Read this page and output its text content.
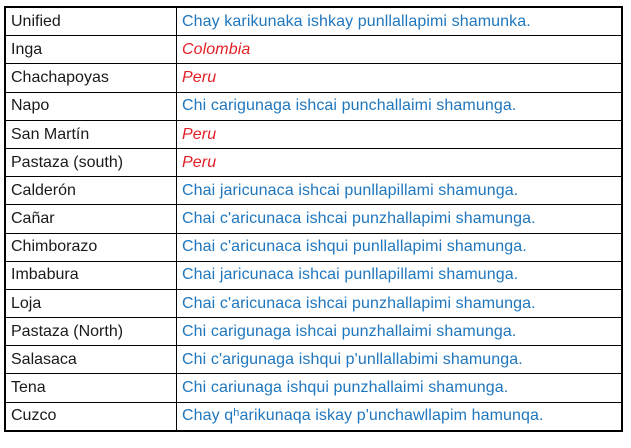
Unified	Chay karikunaka ishkay punllallapimi shamunka.
Inga	Colombia
Chachapoyas	Peru
Napo	Chi carigunaga ishcai punchallaimi shamunga.
San Martín	Peru
Pastaza (south)	Peru
Calderón	Chai jaricunaca ishcai punllapillami shamunga.
Cañar	Chai c'aricunaca ishcai punzhallapimi shamunga.
Chimborazo	Chai c'aricunaca ishqui punllallapimi shamunga.
Imbabura	Chai jaricunaca ishcai punllapillami shamunga.
Loja	Chai c'aricunaca ishcai punzhallapimi shamunga.
Pastaza (North)	Chi carigunaga ishcai punzhallaimi shamunga.
Salasaca	Chi c'arigunaga ishqui p'unllallabimi shamunga.
Tena	Chi cariunaga ishqui punzhallaimi shamunga.
Cuzco	Chay qʰarikunaqa iskay p'unchawllapim hamunqa.
